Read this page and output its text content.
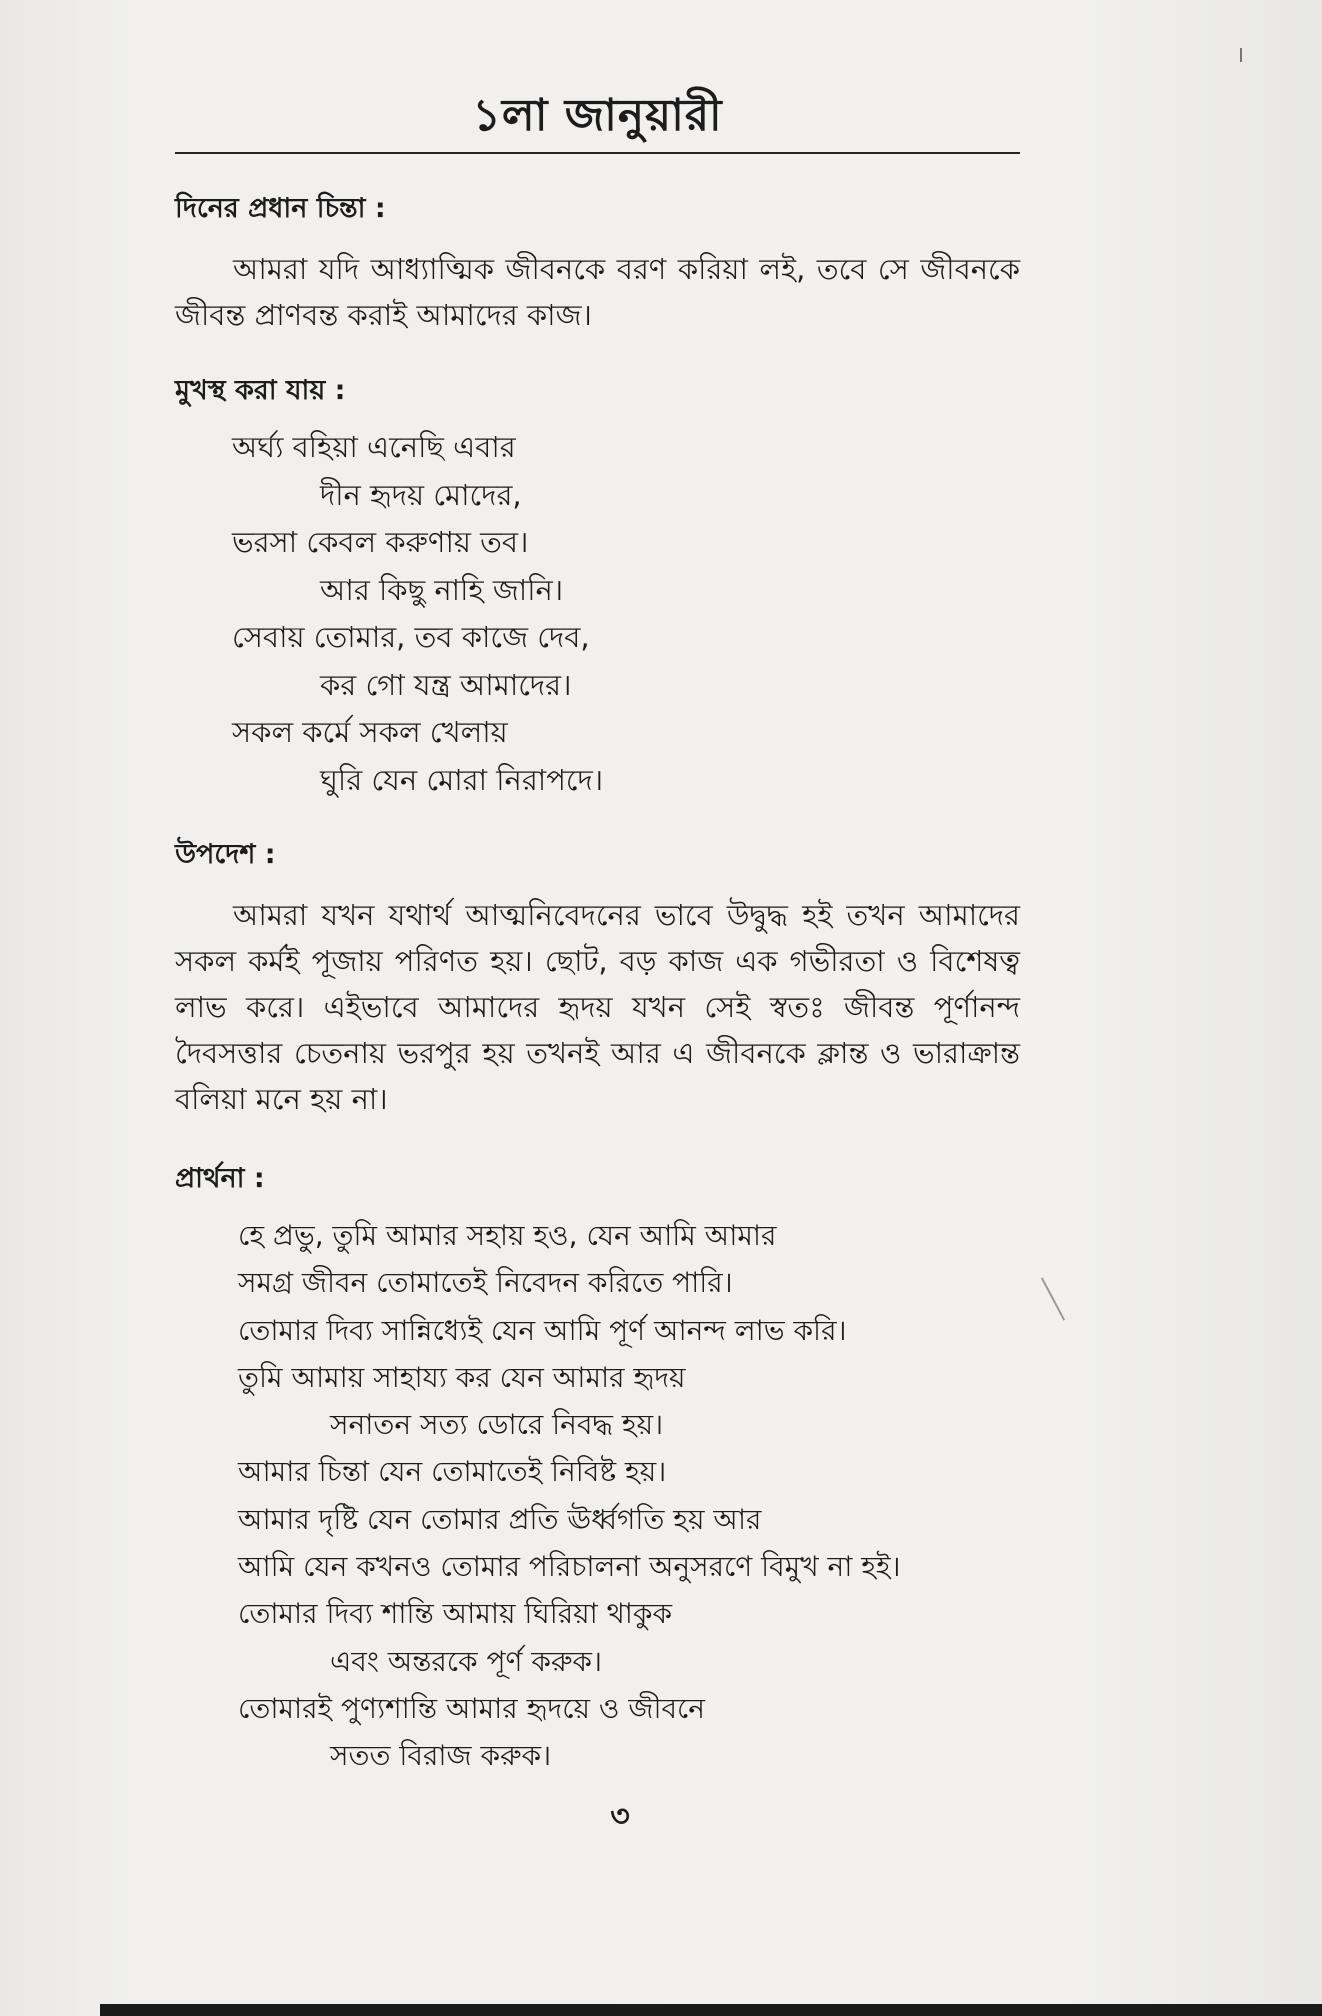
১লা জানুয়ারী
দিনের প্রধান চিন্তা :

আমরা যদি আধ্যাত্মিক জীবনকে বরণ করিয়া লই, তবে সে জীবনকে জীবন্ত প্রাণবন্ত করাই আমাদের কাজ।

মুখস্থ করা যায় :
অর্ঘ্য বহিয়া এনেছি এবার
দীন হৃদয় মোদের,
ভরসা কেবল করুণায় তব।
আর কিছু নাহি জানি।
সেবায় তোমার, তব কাজে দেব,
কর গো যন্ত্র আমাদের।
সকল কর্মে সকল খেলায়
ঘুরি যেন মোরা নিরাপদে।
উপদেশ :

আমরা যখন যথার্থ আত্মনিবেদনের ভাবে উদ্বুদ্ধ হই তখন আমাদের সকল কর্মই পূজায় পরিণত হয়। ছোট, বড় কাজ এক গভীরতা ও বিশেষত্ব লাভ করে। এইভাবে আমাদের হৃদয় যখন সেই স্বতঃ জীবন্ত পূর্ণানন্দ দৈবসত্তার চেতনায় ভরপুর হয় তখনই আর এ জীবনকে ক্লান্ত ও ভারাক্রান্ত বলিয়া মনে হয় না।

প্রার্থনা :
হে প্রভু, তুমি আমার সহায় হও, যেন আমি আমার
সমগ্র জীবন তোমাতেই নিবেদন করিতে পারি।
তোমার দিব্য সান্নিধ্যেই যেন আমি পূর্ণ আনন্দ লাভ করি।
তুমি আমায় সাহায্য কর যেন আমার হৃদয়
সনাতন সত্য ডোরে নিবদ্ধ হয়।
আমার চিন্তা যেন তোমাতেই নিবিষ্ট হয়।
আমার দৃষ্টি যেন তোমার প্রতি ঊর্ধ্বগতি হয় আর
আমি যেন কখনও তোমার পরিচালনা অনুসরণে বিমুখ না হই।
তোমার দিব্য শান্তি আমায় ঘিরিয়া থাকুক
এবং অন্তরকে পূর্ণ করুক।
তোমারই পুণ্যশান্তি আমার হৃদয়ে ও জীবনে
সতত বিরাজ করুক।
৩
